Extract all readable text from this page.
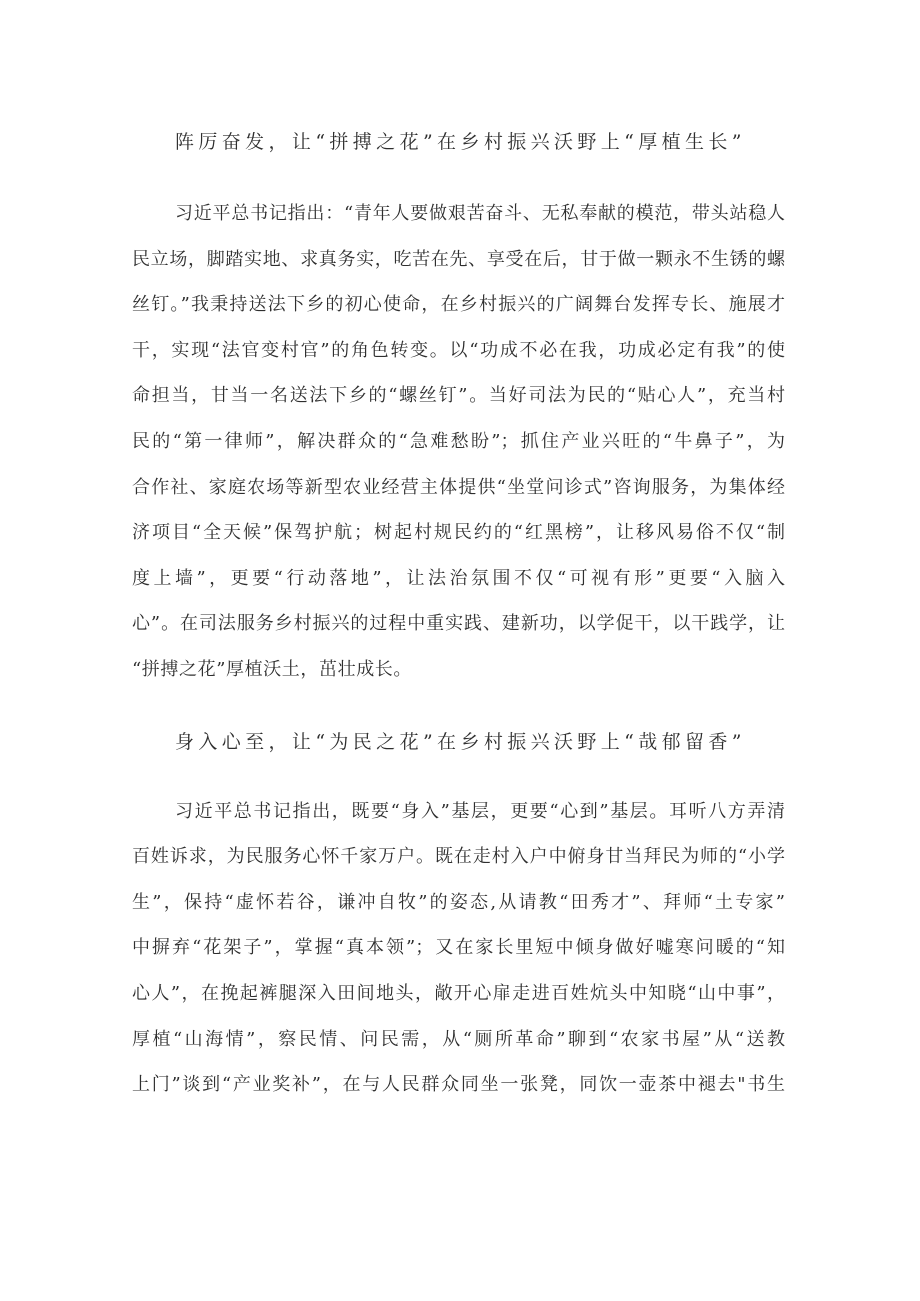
阵厉奋发，让“拼搏之花”在乡村振兴沃野上“厚植生长”
习近平总书记指出：“青年人要做艰苦奋斗、无私奉献的模范，带头站稳人
民立场，脚踏实地、求真务实，吃苦在先、享受在后，甘于做一颗永不生锈的螺
丝钉。”我秉持送法下乡的初心使命，在乡村振兴的广阔舞台发挥专长、施展才
干，实现“法官变村官”的角色转变。以“功成不必在我，功成必定有我”的使
命担当，甘当一名送法下乡的“螺丝钉”。当好司法为民的“贴心人”，充当村
民的“第一律师”，解决群众的“急难愁盼”；抓住产业兴旺的“牛鼻子”，为
合作社、家庭农场等新型农业经营主体提供“坐堂问诊式”咨询服务，为集体经
济项目“全天候”保驾护航；树起村规民约的“红黑榜”，让移风易俗不仅“制
度上墙”，更要“行动落地”，让法治氛围不仅“可视有形”更要“入脑入
心”。在司法服务乡村振兴的过程中重实践、建新功，以学促干，以干践学，让
“拼搏之花”厚植沃土，茁壮成长。
身入心至，让“为民之花”在乡村振兴沃野上“哉郁留香”
习近平总书记指出，既要“身入”基层，更要“心到”基层。耳听八方弄清
百姓诉求，为民服务心怀千家万户。既在走村入户中俯身甘当拜民为师的“小学
生”，保持“虚怀若谷，谦冲自牧”的姿态,从请教“田秀才”、拜师“土专家”
中摒弃“花架子”，掌握“真本领”；又在家长里短中倾身做好嘘寒问暖的“知
心人”，在挽起裤腿深入田间地头，敞开心扉走进百姓炕头中知晓“山中事”，
厚植“山海情”，察民情、问民需，从“厕所革命”聊到“农家书屋”从“送教
上门”谈到“产业奖补”，在与人民群众同坐一张凳，同饮一壶茶中褪去"书生
